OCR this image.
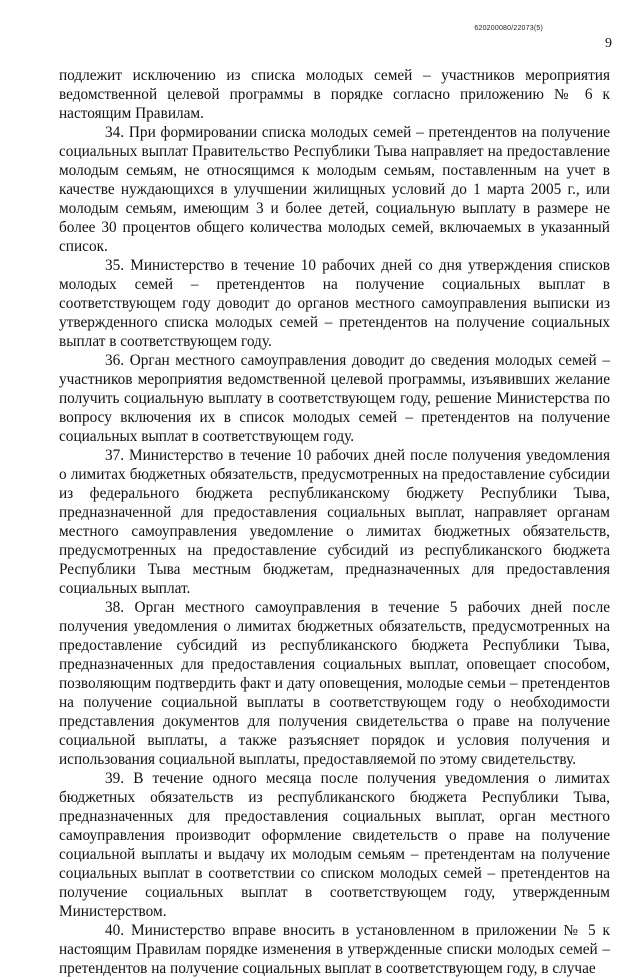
620200080/22073(5)
9

подлежит исключению из списка молодых семей – участников мероприятия ведомственной целевой программы в порядке согласно приложению № 6 к настоящим Правилам.

34. При формировании списка молодых семей – претендентов на получение социальных выплат Правительство Республики Тыва направляет на предоставление молодым семьям, не относящимся к молодым семьям, поставленным на учет в качестве нуждающихся в улучшении жилищных условий до 1 марта 2005 г., или молодым семьям, имеющим 3 и более детей, социальную выплату в размере не более 30 процентов общего количества молодых семей, включаемых в указанный список.

35. Министерство в течение 10 рабочих дней со дня утверждения списков молодых семей – претендентов на получение социальных выплат в соответствующем году доводит до органов местного самоуправления выписки из утвержденного списка молодых семей – претендентов на получение социальных выплат в соответствующем году.

36. Орган местного самоуправления доводит до сведения молодых семей – участников мероприятия ведомственной целевой программы, изъявивших желание получить социальную выплату в соответствующем году, решение Министерства по вопросу включения их в список молодых семей – претендентов на получение социальных выплат в соответствующем году.

37. Министерство в течение 10 рабочих дней после получения уведомления о лимитах бюджетных обязательств, предусмотренных на предоставление субсидии из федерального бюджета республиканскому бюджету Республики Тыва, предназначенной для предоставления социальных выплат, направляет органам местного самоуправления уведомление о лимитах бюджетных обязательств, предусмотренных на предоставление субсидий из республиканского бюджета Республики Тыва местным бюджетам, предназначенных для предоставления социальных выплат.

38. Орган местного самоуправления в течение 5 рабочих дней после получения уведомления о лимитах бюджетных обязательств, предусмотренных на предоставление субсидий из республиканского бюджета Республики Тыва, предназначенных для предоставления социальных выплат, оповещает способом, позволяющим подтвердить факт и дату оповещения, молодые семьи – претендентов на получение социальной выплаты в соответствующем году о необходимости представления документов для получения свидетельства о праве на получение социальной выплаты, а также разъясняет порядок и условия получения и использования социальной выплаты, предоставляемой по этому свидетельству.

39. В течение одного месяца после получения уведомления о лимитах бюджетных обязательств из республиканского бюджета Республики Тыва, предназначенных для предоставления социальных выплат, орган местного самоуправления производит оформление свидетельств о праве на получение социальной выплаты и выдачу их молодым семьям – претендентам на получение социальных выплат в соответствии со списком молодых семей – претендентов на получение социальных выплат в соответствующем году, утвержденным Министерством.

40. Министерство вправе вносить в установленном в приложении № 5 к настоящим Правилам порядке изменения в утвержденные списки молодых семей – претендентов на получение социальных выплат в соответствующем году, в случае
